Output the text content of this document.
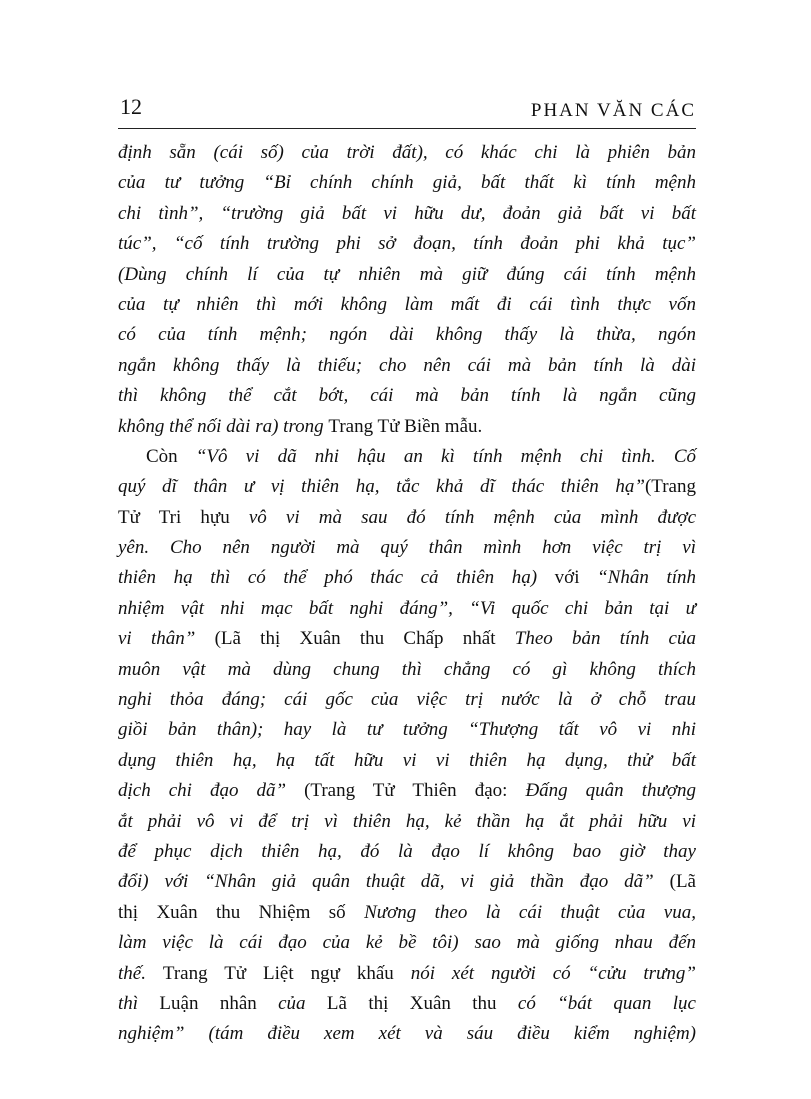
12	PHAN VĂN CÁC
định sẵn (cái số) của trời đất), có khác chi là phiên bản
của tư tưởng “Bỉ chính chính giả, bất thất kì tính mệnh
chi tình”, “trường giả bất vi hữu dư, đoản giả bất vi bất
túc”, “cố tính trường phi sở đoạn, tính đoản phi khả tục”
(Dùng chính lí của tự nhiên mà giữ đúng cái tính mệnh
của tự nhiên thì mới không làm mất đi cái tình thực vốn
có của tính mệnh; ngón dài không thấy là thừa, ngón
ngắn không thấy là thiếu; cho nên cái mà bản tính là dài
thì không thể cắt bớt, cái mà bản tính là ngắn cũng
không thể nối dài ra) trong Trang Tử Biền mẫu.
Còn “Vô vi dã nhi hậu an kì tính mệnh chi tình. Cố
quý dĩ thân ư vị thiên hạ, tắc khả dĩ thác thiên hạ”(Trang
Tử Tri hựu vô vi mà sau đó tính mệnh của mình được
yên. Cho nên người mà quý thân mình hơn việc trị vì
thiên hạ thì có thể phó thác cả thiên hạ) với “Nhân tính
nhiệm vật nhi mạc bất nghi đáng”, “Vi quốc chi bản tại ư
vi thân” (Lã thị Xuân thu Chấp nhất Theo bản tính của
muôn vật mà dùng chung thì chẳng có gì không thích
nghi thỏa đáng; cái gốc của việc trị nước là ở chỗ trau
giồi bản thân); hay là tư tưởng “Thượng tất vô vi nhi
dụng thiên hạ, hạ tất hữu vi vi thiên hạ dụng, thử bất
dịch chi đạo dã” (Trang Tử Thiên đạo: Đấng quân thượng
ắt phải vô vi để trị vì thiên hạ, kẻ thần hạ ắt phải hữu vi
để phục dịch thiên hạ, đó là đạo lí không bao giờ thay
đổi) với “Nhân giả quân thuật dã, vi giả thần đạo dã” (Lã
thị Xuân thu Nhiệm số Nương theo là cái thuật của vua,
làm việc là cái đạo của kẻ bề tôi) sao mà giống nhau đến
thế. Trang Tử Liệt ngự khấu nói xét người có “cửu trưng”
thì Luận nhân của Lã thị Xuân thu có “bát quan lục
nghiệm” (tám điều xem xét và sáu điều kiểm nghiệm)
